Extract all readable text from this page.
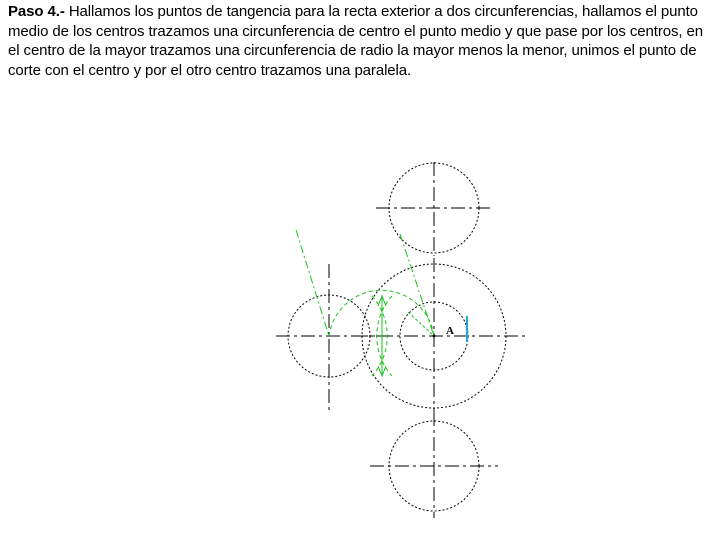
Paso 4.- Hallamos los puntos de tangencia para la recta exterior a dos circunferencias, hallamos el punto medio de los centros trazamos una circunferencia de centro el punto medio y que pase por los centros, en el centro de la mayor trazamos una circunferencia de radio la mayor menos la menor, unimos el punto de corte con el centro y por el otro centro trazamos una paralela.
A
